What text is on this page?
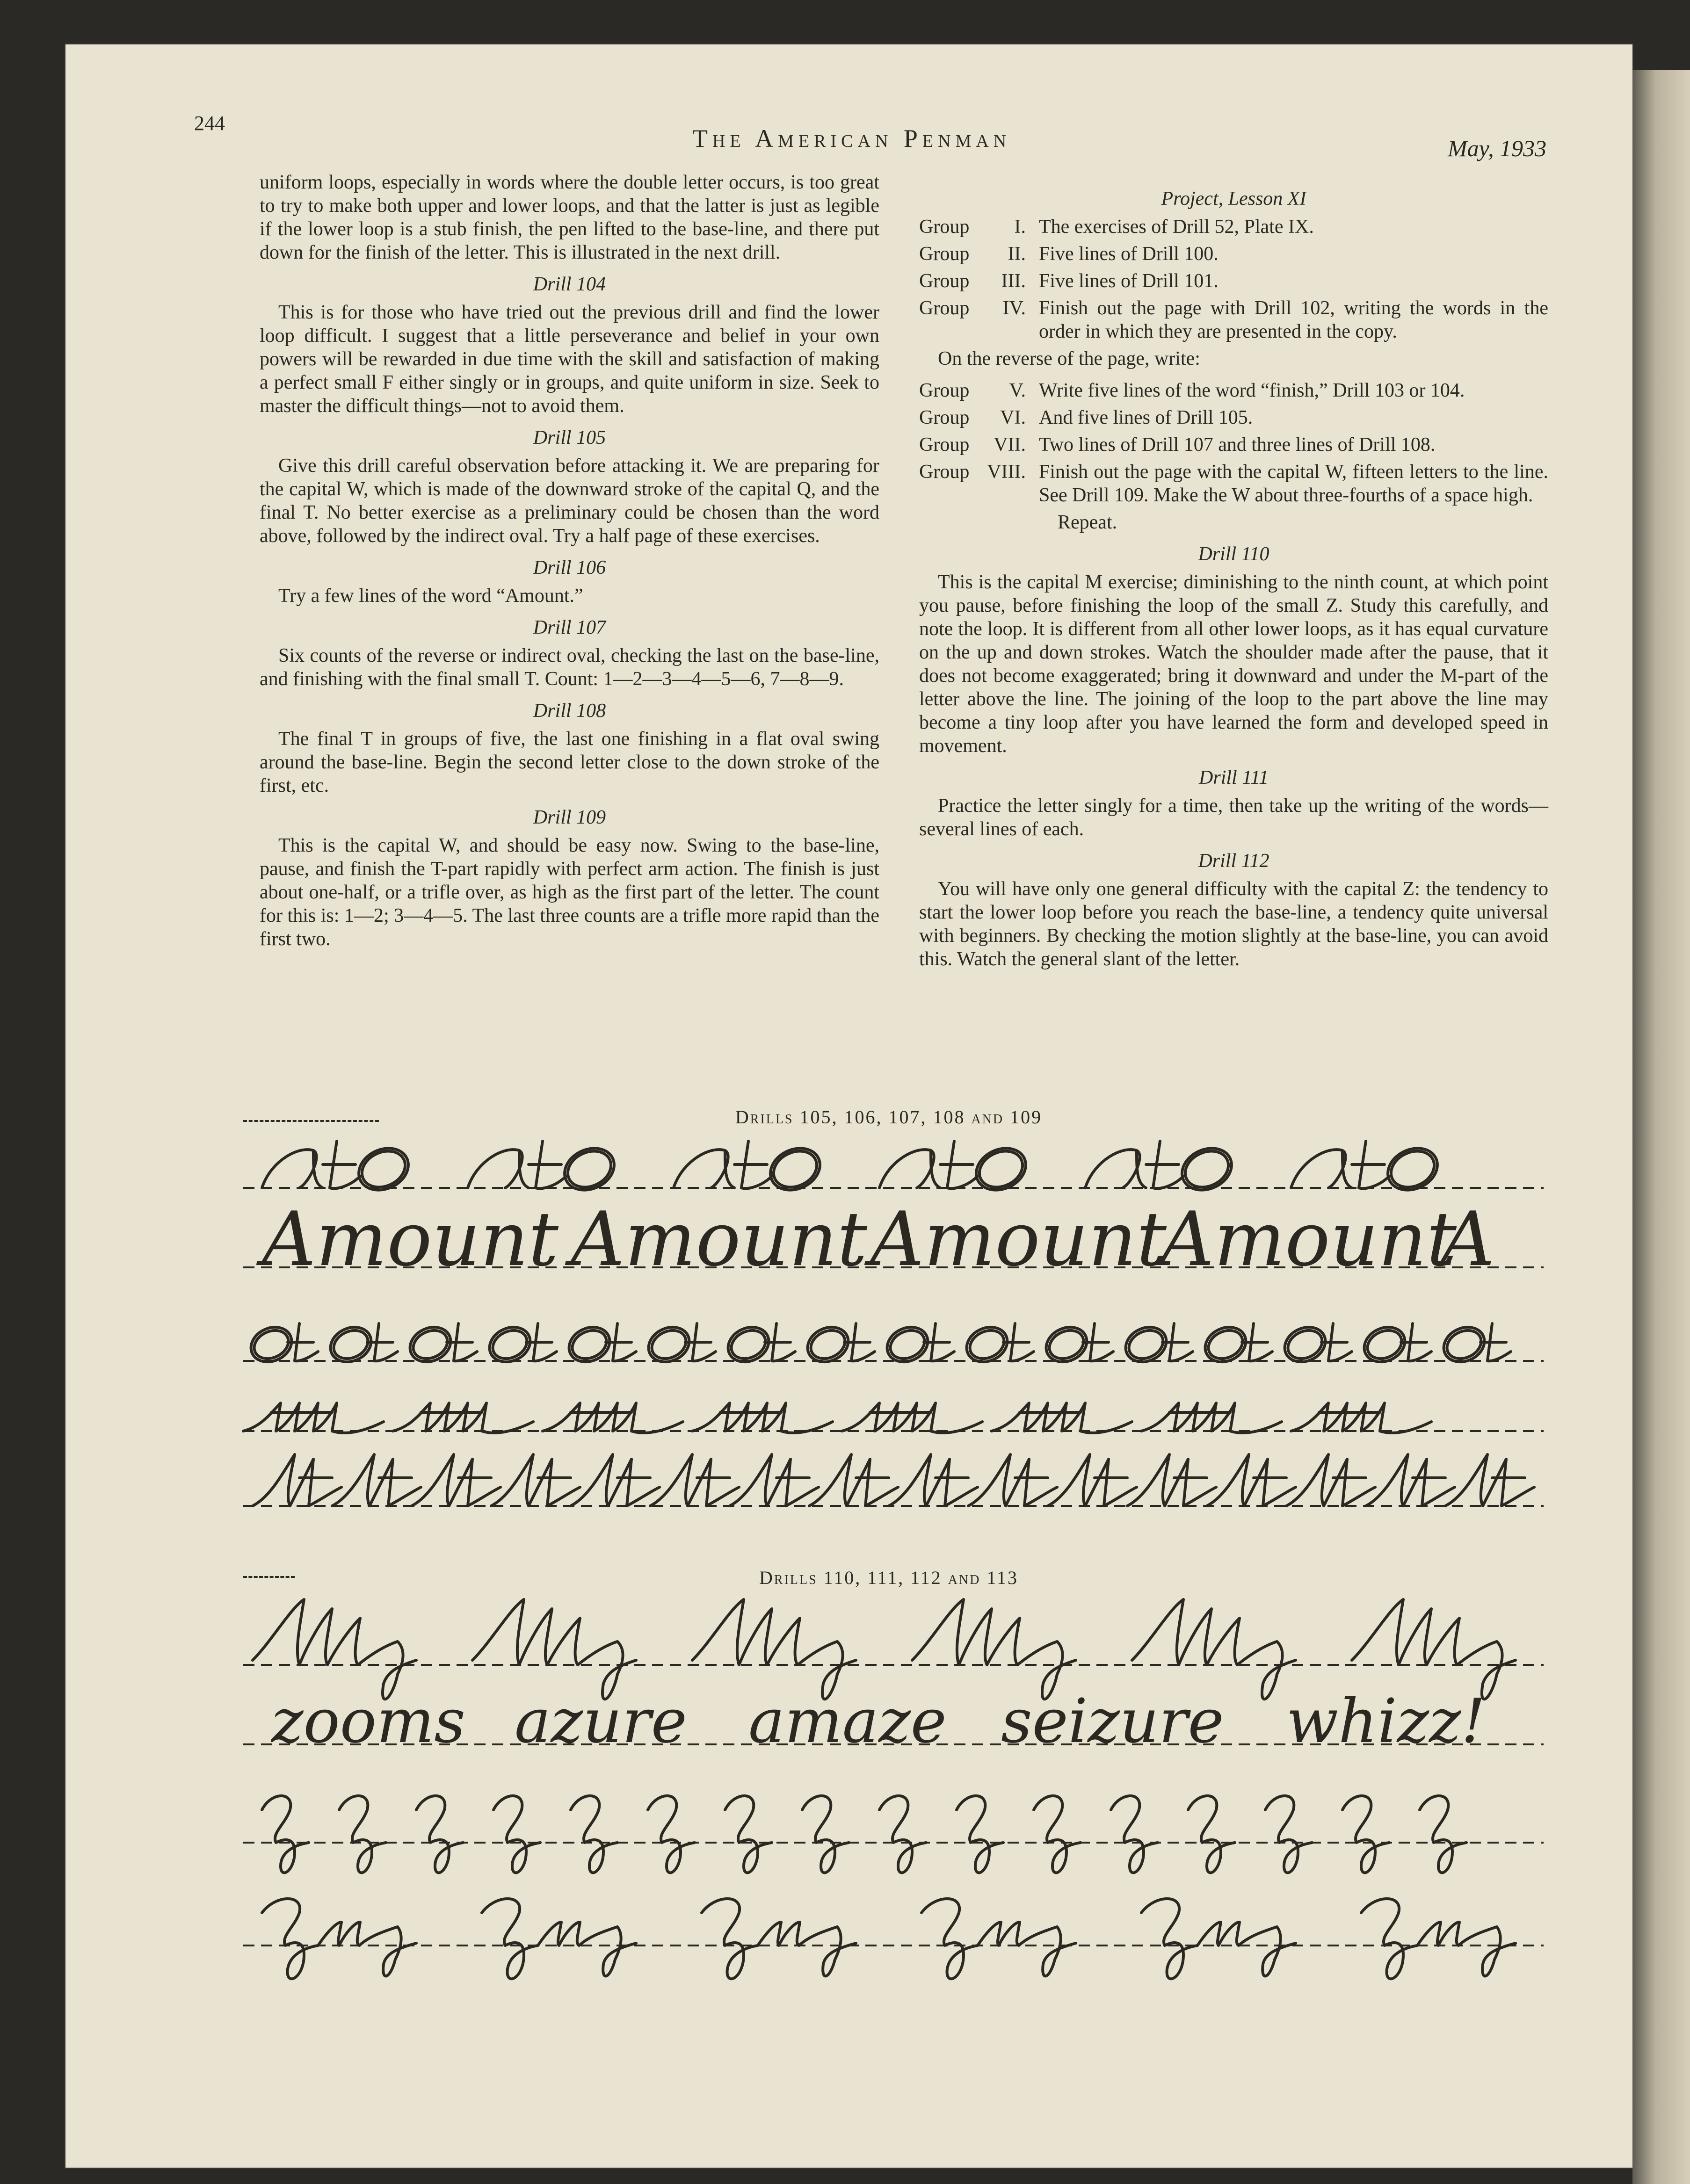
244
The American Penman	May, 1933

uniform loops, especially in words where the double letter occurs, is too great to try to make both upper and lower loops, and that the latter is just as legible if the lower loop is a stub finish, the pen lifted to the base-line, and there put down for the finish of the letter. This is illustrated in the next drill.

Drill 104

This is for those who have tried out the previous drill and find the lower loop difficult. I suggest that a little perseverance and belief in your own powers will be rewarded in due time with the skill and satisfaction of making a perfect small F either singly or in groups, and quite uniform in size. Seek to master the difficult things—not to avoid them.

Drill 105

Give this drill careful observation before attacking it. We are preparing for the capital W, which is made of the downward stroke of the capital Q, and the final T. No better exercise as a preliminary could be chosen than the word above, followed by the indirect oval. Try a half page of these exercises.

Drill 106

Try a few lines of the word “Amount.”

Drill 107

Six counts of the reverse or indirect oval, checking the last on the base-line, and finishing with the final small T. Count: 1—2—3—4—5—6, 7—8—9.

Drill 108

The final T in groups of five, the last one finishing in a flat oval swing around the base-line. Begin the second letter close to the down stroke of the first, etc.

Drill 109

This is the capital W, and should be easy now. Swing to the base-line, pause, and finish the T-part rapidly with perfect arm action. The finish is just about one-half, or a trifle over, as high as the first part of the letter. The count for this is: 1—2; 3—4—5. The last three counts are a trifle more rapid than the first two.

Project, Lesson XI
Group	I. The exercises of Drill 52, Plate IX.
Group	II. Five lines of Drill 100.
Group	III. Five lines of Drill 101.
Group	IV. Finish out the page with Drill 102, writing the words in the order in which they are presented in the copy.

On the reverse of the page, write:

Group	V. Write five lines of the word “finish,” Drill 103 or 104.
Group	VI. And five lines of Drill 105.
Group	VII. Two lines of Drill 107 and three lines of Drill 108.
Group VIII. Finish out the page with the capital W, fifteen letters to the line. See Drill 109. Make the W about three-fourths of a space high.

Repeat.

Drill 110

This is the capital M exercise; diminishing to the ninth count, at which point you pause, before finishing the loop of the small Z. Study this carefully, and note the loop. It is different from all other lower loops, as it has equal curvature on the up and down strokes. Watch the shoulder made after the pause, that it does not become exaggerated; bring it downward and under the M-part of the letter above the line. The joining of the loop to the part above the line may become a tiny loop after you have learned the form and developed speed in movement.

Drill 111

Practice the letter singly for a time, then take up the writing of the words—several lines of each.

Drill 112

You will have only one general difficulty with the capital Z: the tendency to start the lower loop before you reach the base-line, a tendency quite universal with beginners. By checking the motion slightly at the base-line, you can avoid this. Watch the general slant of the letter.

Drills 105, 106, 107, 108 and 109
Amount Amount Amount
Amount
A
Drills 110, 111, 112 and 113
zooms azure amaze seizure whizz!
